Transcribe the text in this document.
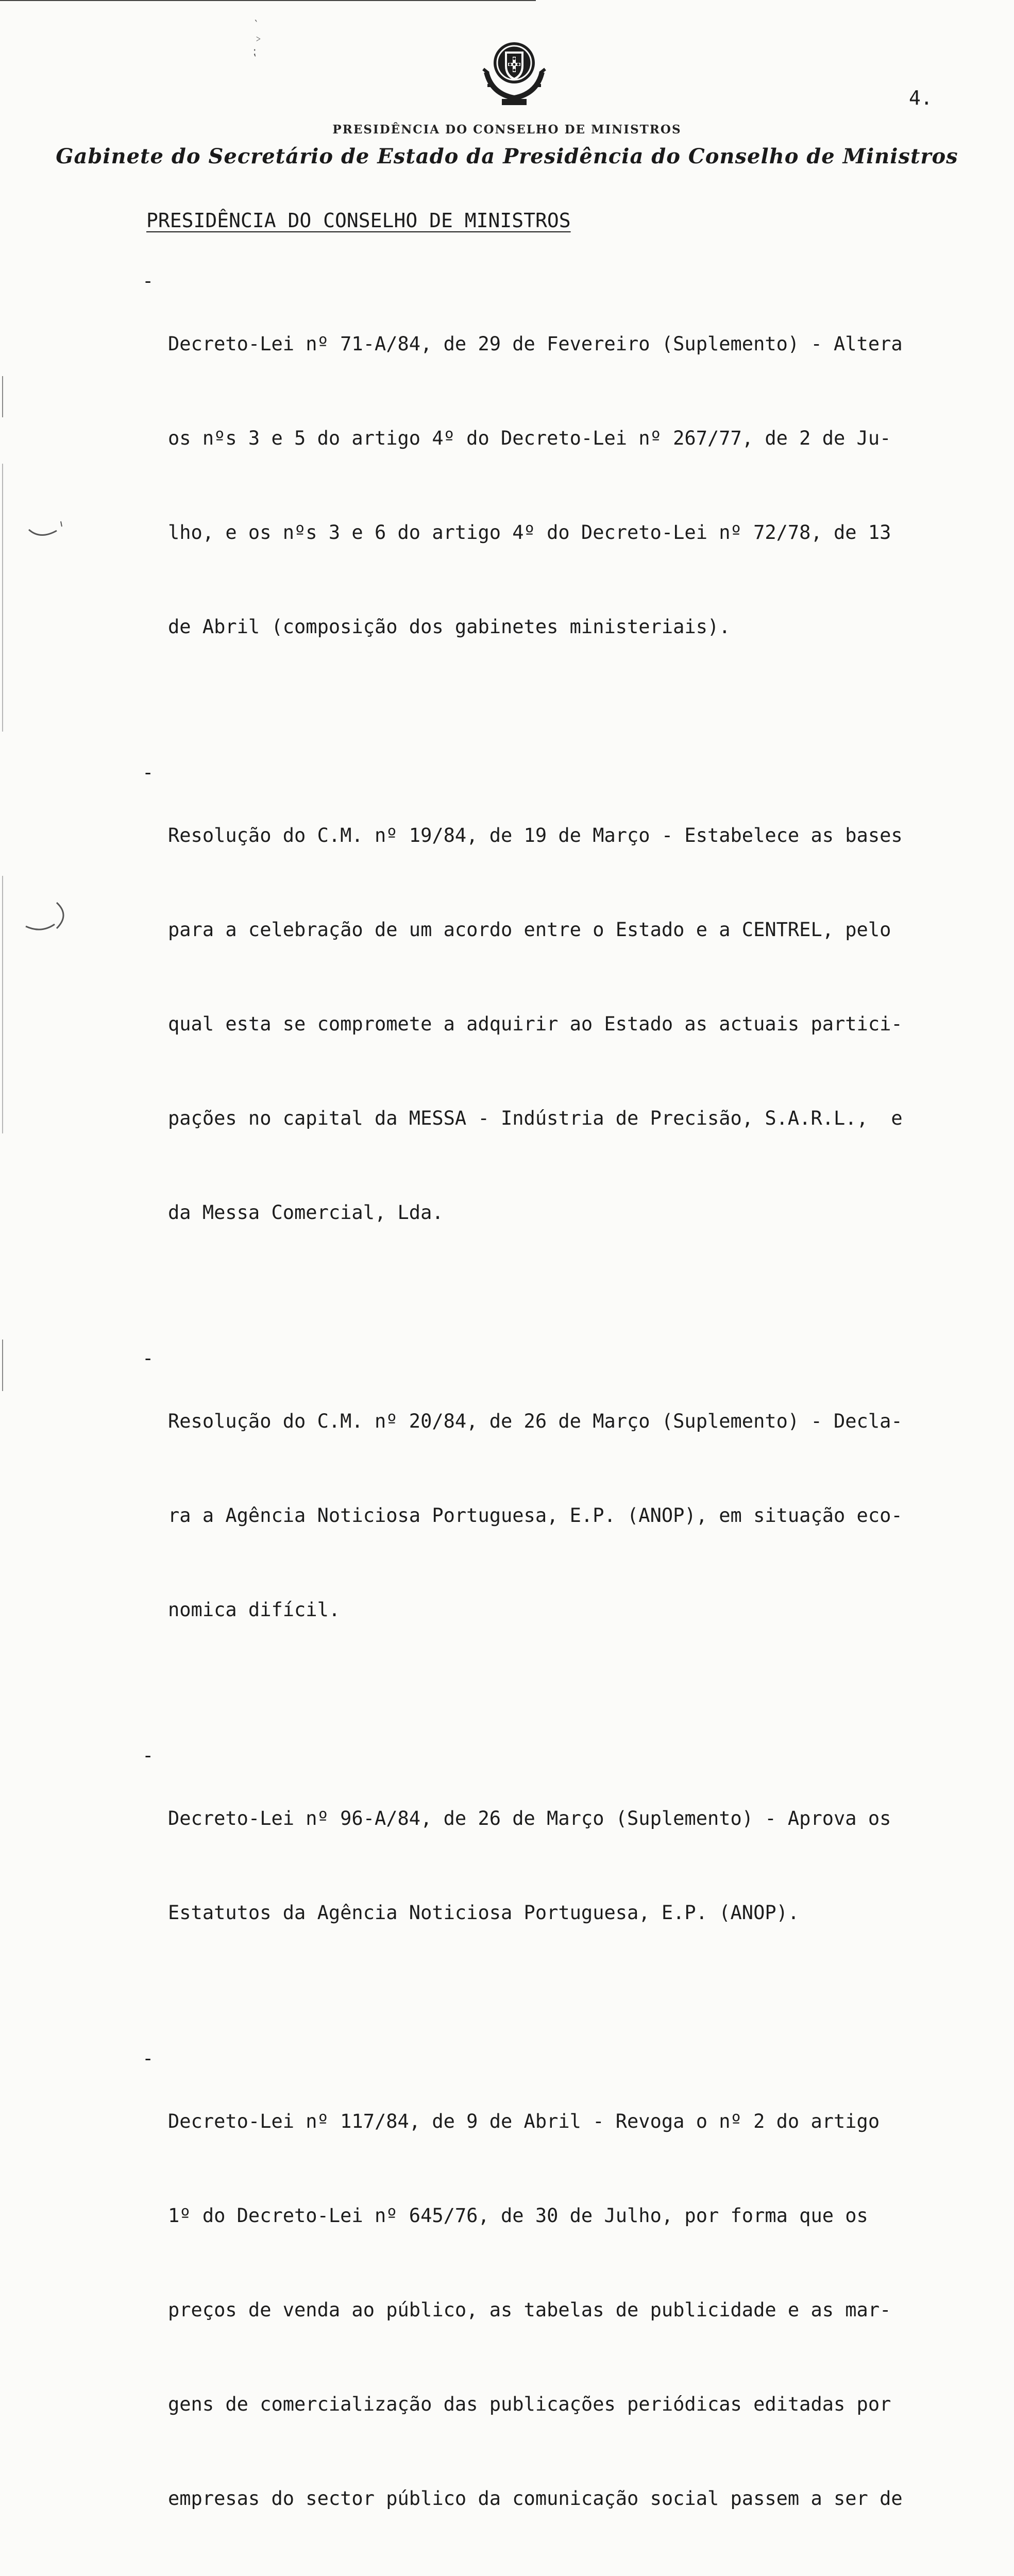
‵
﹥
⁏
4.
PRESIDÊNCIA DO CONSELHO DE MINISTROS
Gabinete do Secretário de Estado da Presidência do Conselho de Ministros
PRESIDÊNCIA DO CONSELHO DE MINISTROS
-

Decreto-Lei nº 71-A/84, de 29 de Fevereiro (Suplemento) - Altera

os nºs 3 e 5 do artigo 4º do Decreto-Lei nº 267/77, de 2 de Ju-

lho, e os nºs 3 e 6 do artigo 4º do Decreto-Lei nº 72/78, de 13

de Abril (composição dos gabinetes ministeriais).

-

Resolução do C.M. nº 19/84, de 19 de Março - Estabelece as bases

para a celebração de um acordo entre o Estado e a CENTREL, pelo

qual esta se compromete a adquirir ao Estado as actuais partici-

pações no capital da MESSA - Indústria de Precisão, S.A.R.L.,  e

da Messa Comercial, Lda.

-

Resolução do C.M. nº 20/84, de 26 de Março (Suplemento) - Decla-

ra a Agência Noticiosa Portuguesa, E.P. (ANOP), em situação eco-

nomica difícil.

-

Decreto-Lei nº 96-A/84, de 26 de Março (Suplemento) - Aprova os

Estatutos da Agência Noticiosa Portuguesa, E.P. (ANOP).

-

Decreto-Lei nº 117/84, de 9 de Abril - Revoga o nº 2 do artigo

1º do Decreto-Lei nº 645/76, de 30 de Julho, por forma que os

preços de venda ao público, as tabelas de publicidade e as mar-

gens de comercialização das publicações periódicas editadas por

empresas do sector público da comunicação social passem a ser de
